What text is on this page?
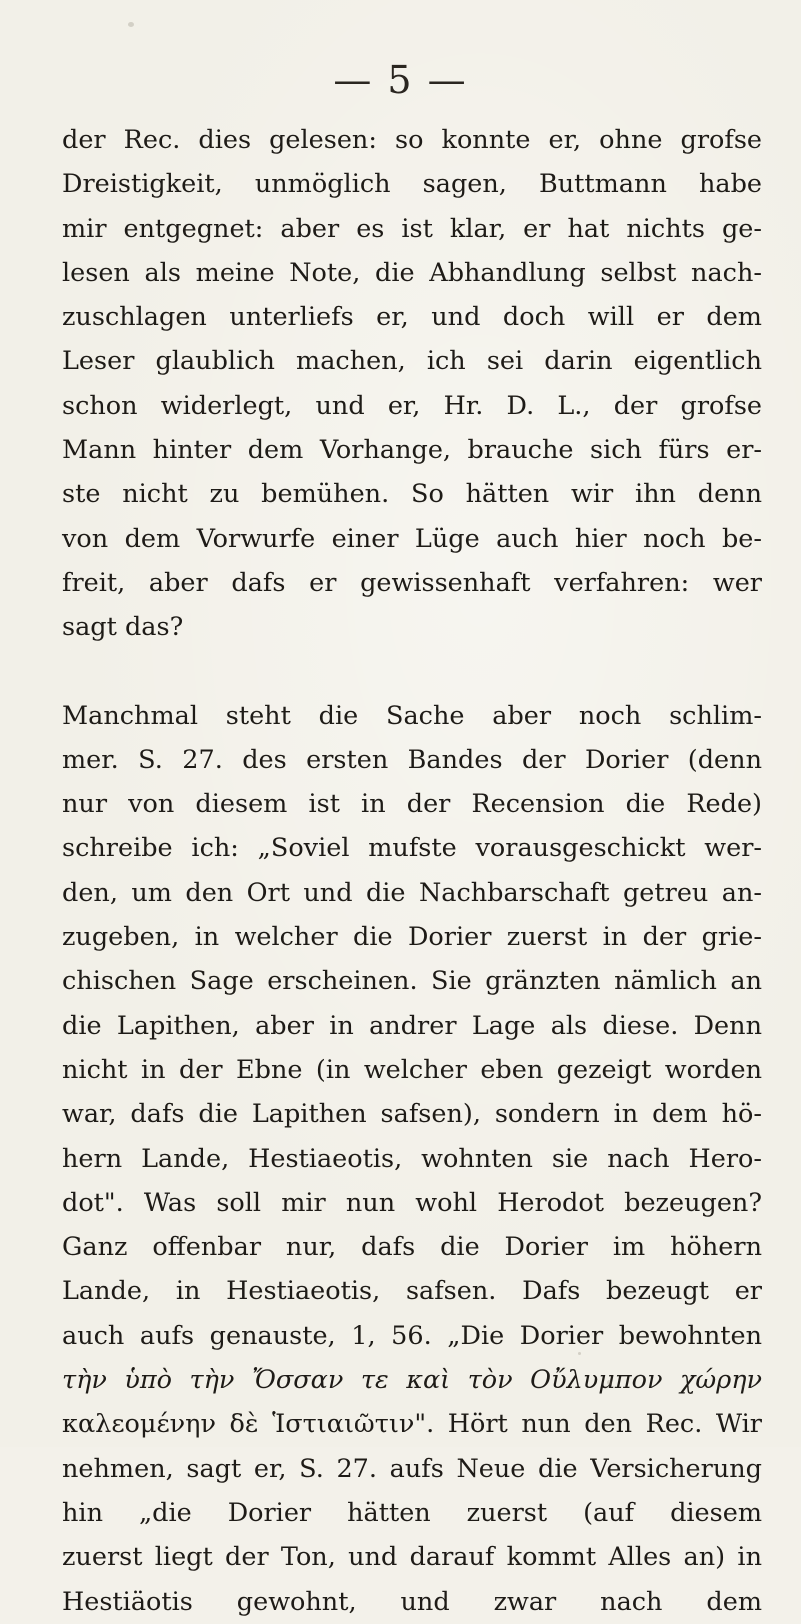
— 5 —
der Rec. dies gelesen: so konnte er, ohne grofse
Dreistigkeit, unmöglich sagen, Buttmann habe
mir entgegnet: aber es ist klar, er hat nichts ge-
lesen als meine Note, die Abhandlung selbst nach-
zuschlagen unterliefs er, und doch will er dem
Leser glaublich machen, ich sei darin eigentlich
schon widerlegt, und er, Hr. D. L., der grofse
Mann hinter dem Vorhange, brauche sich fürs er-
ste nicht zu bemühen. So hätten wir ihn denn
von dem Vorwurfe einer Lüge auch hier noch be-
freit, aber dafs er gewissenhaft verfahren: wer
sagt das?
Manchmal steht die Sache aber noch schlim-
mer. S. 27. des ersten Bandes der Dorier (denn
nur von diesem ist in der Recension die Rede)
schreibe ich: „Soviel mufste vorausgeschickt wer-
den, um den Ort und die Nachbarschaft getreu an-
zugeben, in welcher die Dorier zuerst in der grie-
chischen Sage erscheinen. Sie gränzten nämlich an
die Lapithen, aber in andrer Lage als diese. Denn
nicht in der Ebne (in welcher eben gezeigt worden
war, dafs die Lapithen safsen), sondern in dem hö-
hern Lande, Hestiaeotis, wohnten sie nach Hero-
dot". Was soll mir nun wohl Herodot bezeugen?
Ganz offenbar nur, dafs die Dorier im höhern
Lande, in Hestiaeotis, safsen. Dafs bezeugt er
auch aufs genauste, 1, 56. „Die Dorier bewohnten
τὴν ὑπὸ τὴν Ὄσσαν τε καὶ τὸν Οὔλυμπον χώρην
καλεομένην δὲ Ἱστιαιῶτιν". Hört nun den Rec. Wir
nehmen, sagt er, S. 27. aufs Neue die Versicherung
hin „die Dorier hätten zuerst (auf diesem
zuerst liegt der Ton, und darauf kommt Alles an) in
Hestiäotis gewohnt, und zwar nach dem
